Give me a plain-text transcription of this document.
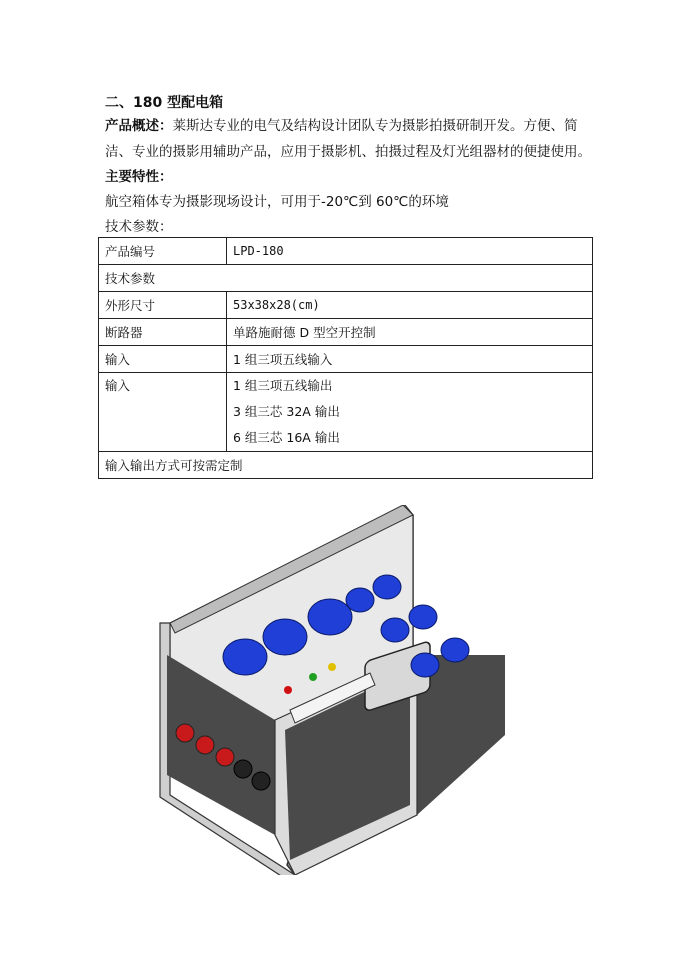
二、180 型配电箱
产品概述：莱斯达专业的电气及结构设计团队专为摄影拍摄研制开发。方便、简洁、专业的摄影用辅助产品，应用于摄影机、拍摄过程及灯光组器材的便捷使用。
主要特性：
航空箱体专为摄影现场设计，可用于-20℃到 60℃的环境
技术参数：
产品编号	LPD-180
技术参数	
外形尺寸	53x38x28(cm)
断路器	单路施耐德 D 型空开控制
输入	1 组三项五线输入

输入	1 组三项五线输出
3 组三芯 32A 输出
6 组三芯 16A 输出

输入输出方式可按需定制	
